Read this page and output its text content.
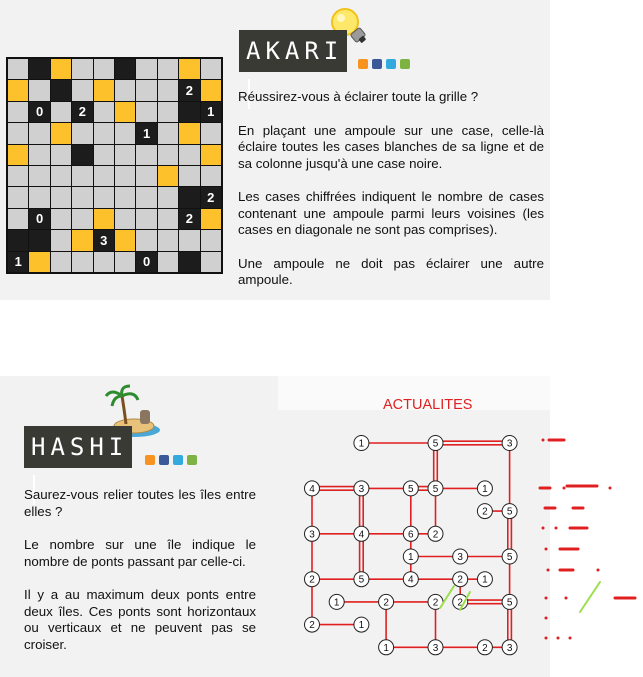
2
0	2	1
1
2
0	2
3
1	0
AKARI

Réussirez-vous à éclairer toute la grille ?

En plaçant une ampoule sur une case, celle-là éclaire toutes les cases blanches de sa ligne et de sa colonne jusqu'à une case noire.

Les cases chiffrées indiquent le nombre de cases contenant une ampoule parmi leurs voisines (les cases en diagonale ne sont pas comprises).

Une ampoule ne doit pas éclairer une autre ampoule.

HASHI

Saurez-vous relier toutes les îles entre elles ?

Le nombre sur une île indique le nombre de ponts passant par celle-ci.

Il y a au maximum deux ponts entre deux îles. Ces ponts sont horizontaux ou verticaux et ne peuvent pas se croiser.

ACTUALITES
1	5	3
4	3	5 5	1
2 5
3	4	6 2
1	3	5
2	5	4	2 1
1	2	2 2	5
2	1
1	3	2 3
